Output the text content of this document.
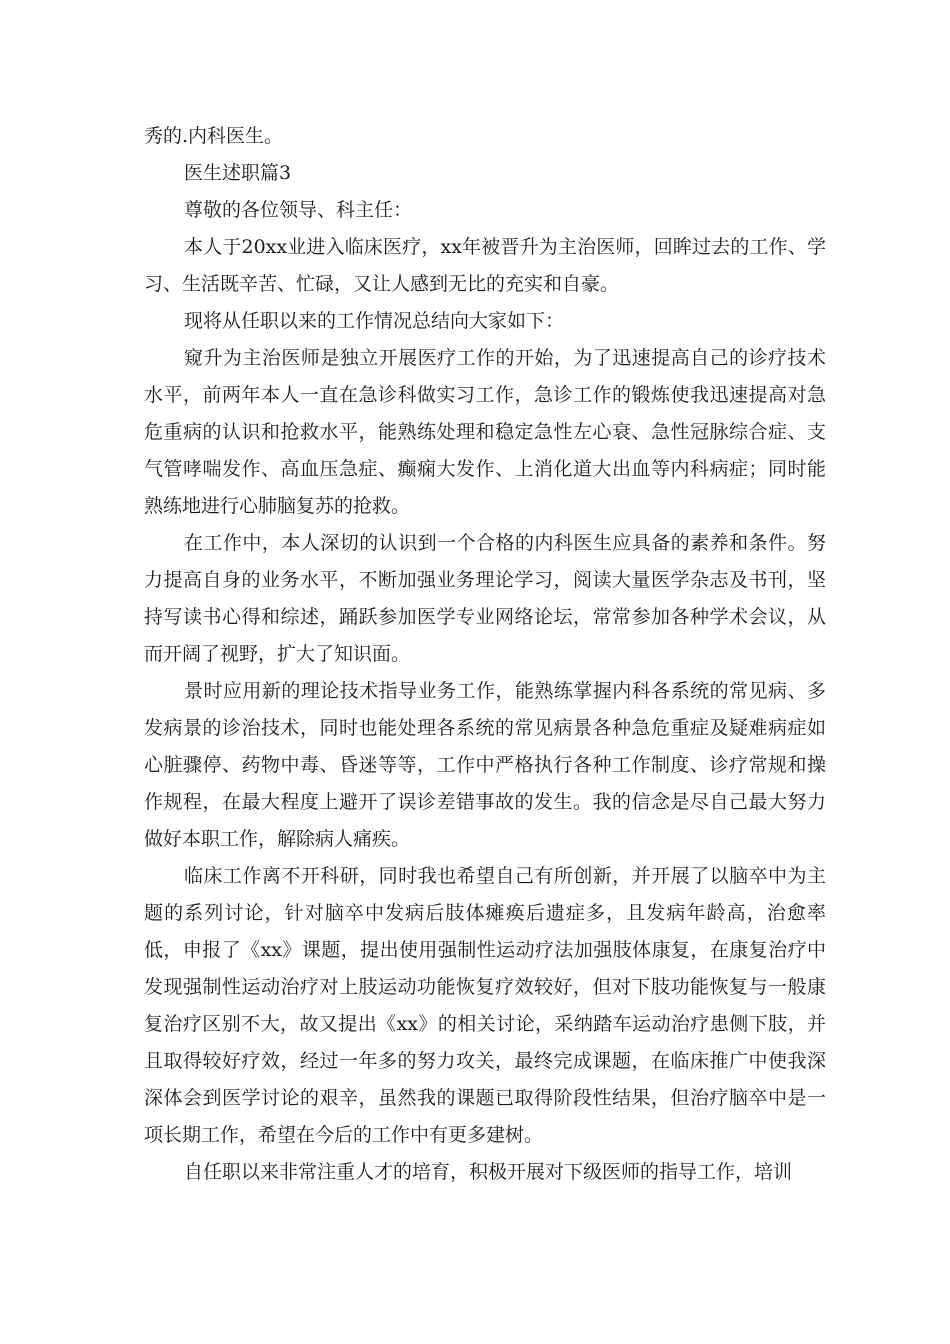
秀的.内科医生。

医生述职篇3

尊敬的各位领导、科主任：

本人于20xx业进入临床医疗，xx年被晋升为主治医师，回眸过去的工作、学习、生活既辛苦、忙碌，又让人感到无比的充实和自豪。

现将从任职以来的工作情况总结向大家如下：

窥升为主治医师是独立开展医疗工作的开始，为了迅速提高自己的诊疗技术水平，前两年本人一直在急诊科做实习工作，急诊工作的锻炼使我迅速提高对急危重病的认识和抢救水平，能熟练处理和稳定急性左心衰、急性冠脉综合症、支气管哮喘发作、高血压急症、癫痫大发作、上消化道大出血等内科病症；同时能熟练地进行心肺脑复苏的抢救。

在工作中，本人深切的认识到一个合格的内科医生应具备的素养和条件。努力提高自身的业务水平，不断加强业务理论学习，阅读大量医学杂志及书刊，坚持写读书心得和综述，踊跃参加医学专业网络论坛，常常参加各种学术会议，从而开阔了视野，扩大了知识面。

景时应用新的理论技术指导业务工作，能熟练掌握内科各系统的常见病、多发病景的诊治技术，同时也能处理各系统的常见病景各种急危重症及疑难病症如心脏骤停、药物中毒、昏迷等等，工作中严格执行各种工作制度、诊疗常规和操作规程，在最大程度上避开了误诊差错事故的发生。我的信念是尽自己最大努力做好本职工作，解除病人痛疾。

临床工作离不开科研，同时我也希望自己有所创新，并开展了以脑卒中为主题的系列讨论，针对脑卒中发病后肢体瘫痪后遗症多，且发病年龄高，治愈率低，申报了《xx》课题，提出使用强制性运动疗法加强肢体康复，在康复治疗中发现强制性运动治疗对上肢运动功能恢复疗效较好，但对下肢功能恢复与一般康复治疗区别不大，故又提出《xx》的相关讨论，采纳踏车运动治疗患侧下肢，并且取得较好疗效，经过一年多的努力攻关，最终完成课题，在临床推广中使我深深体会到医学讨论的艰辛，虽然我的课题已取得阶段性结果，但治疗脑卒中是一项长期工作，希望在今后的工作中有更多建树。

自任职以来非常注重人才的培育，积极开展对下级医师的指导工作，培训
